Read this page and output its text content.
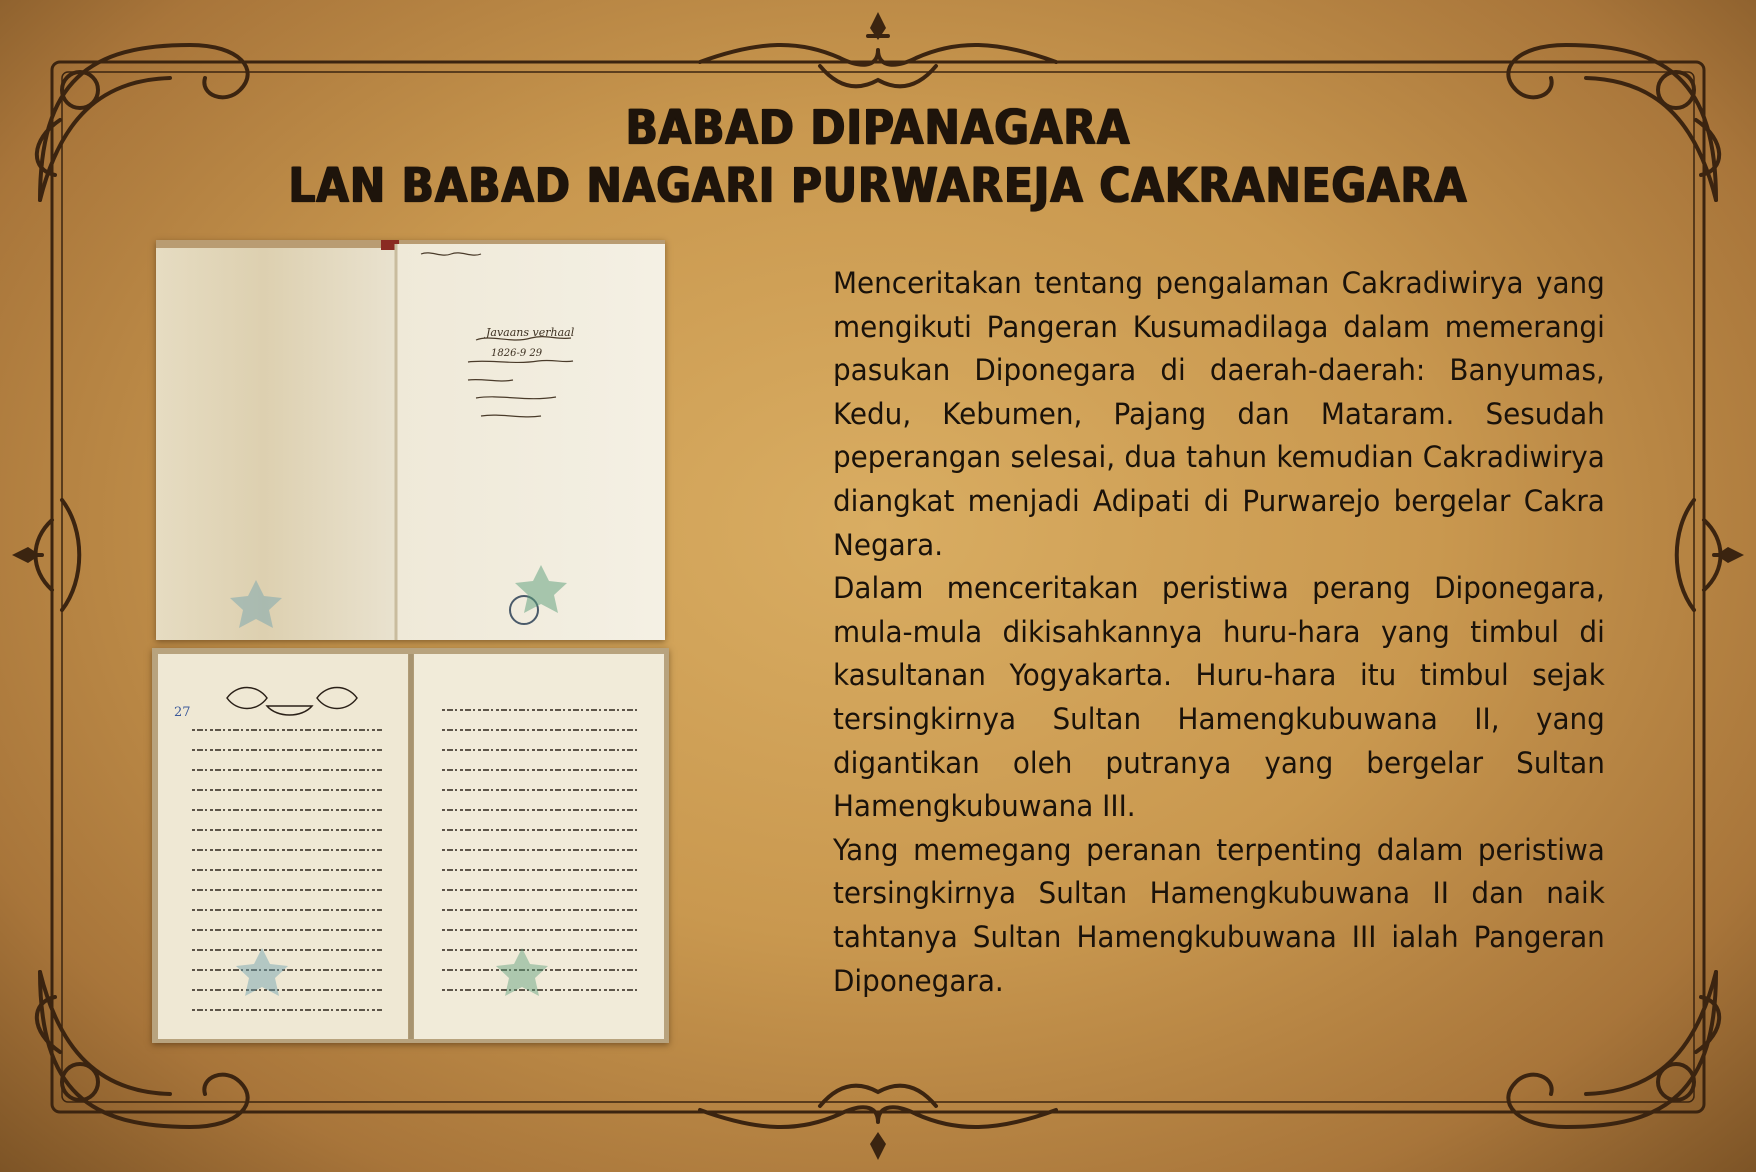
BABAD DIPANAGARA
LAN BABAD NAGARI PURWAREJA CAKRANEGARA
Javaans verhaal
1826-9 29
27

Menceritakan tentang pengalaman Cakradiwirya yang mengikuti Pangeran Kusumadilaga dalam memerangi pasukan Diponegara di daerah-daerah: Banyumas, Kedu, Kebumen, Pajang dan Mataram. Sesudah peperangan selesai, dua tahun kemudian Cakradiwirya diangkat menjadi Adipati di Purwarejo bergelar Cakra Negara.

Dalam menceritakan peristiwa perang Diponegara, mula-mula dikisahkannya huru-hara yang timbul di kasultanan Yogyakarta. Huru-hara itu timbul sejak tersingkirnya Sultan Hamengkubuwana II, yang digantikan oleh putranya yang bergelar Sultan Hamengkubuwana III.

Yang memegang peranan terpenting dalam peristiwa tersingkirnya Sultan Hamengkubuwana II dan naik tahtanya Sultan Hamengkubuwana III ialah Pangeran Diponegara.
